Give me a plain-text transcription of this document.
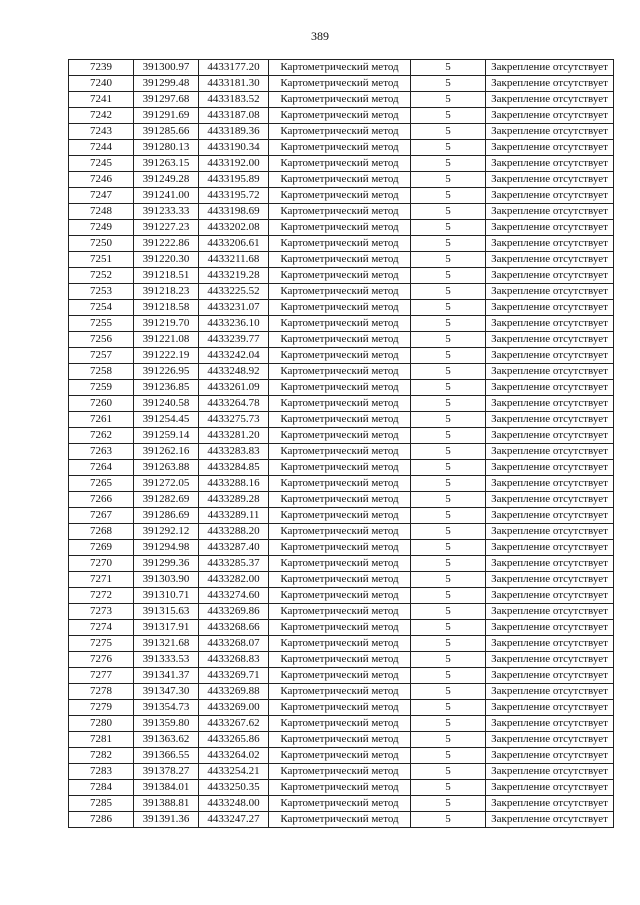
389
7239	391300.97	4433177.20	Картометрический метод	5	Закрепление отсутствует
7240	391299.48	4433181.30	Картометрический метод	5	Закрепление отсутствует
7241	391297.68	4433183.52	Картометрический метод	5	Закрепление отсутствует
7242	391291.69	4433187.08	Картометрический метод	5	Закрепление отсутствует
7243	391285.66	4433189.36	Картометрический метод	5	Закрепление отсутствует
7244	391280.13	4433190.34	Картометрический метод	5	Закрепление отсутствует
7245	391263.15	4433192.00	Картометрический метод	5	Закрепление отсутствует
7246	391249.28	4433195.89	Картометрический метод	5	Закрепление отсутствует
7247	391241.00	4433195.72	Картометрический метод	5	Закрепление отсутствует
7248	391233.33	4433198.69	Картометрический метод	5	Закрепление отсутствует
7249	391227.23	4433202.08	Картометрический метод	5	Закрепление отсутствует
7250	391222.86	4433206.61	Картометрический метод	5	Закрепление отсутствует
7251	391220.30	4433211.68	Картометрический метод	5	Закрепление отсутствует
7252	391218.51	4433219.28	Картометрический метод	5	Закрепление отсутствует
7253	391218.23	4433225.52	Картометрический метод	5	Закрепление отсутствует
7254	391218.58	4433231.07	Картометрический метод	5	Закрепление отсутствует
7255	391219.70	4433236.10	Картометрический метод	5	Закрепление отсутствует
7256	391221.08	4433239.77	Картометрический метод	5	Закрепление отсутствует
7257	391222.19	4433242.04	Картометрический метод	5	Закрепление отсутствует
7258	391226.95	4433248.92	Картометрический метод	5	Закрепление отсутствует
7259	391236.85	4433261.09	Картометрический метод	5	Закрепление отсутствует
7260	391240.58	4433264.78	Картометрический метод	5	Закрепление отсутствует
7261	391254.45	4433275.73	Картометрический метод	5	Закрепление отсутствует
7262	391259.14	4433281.20	Картометрический метод	5	Закрепление отсутствует
7263	391262.16	4433283.83	Картометрический метод	5	Закрепление отсутствует
7264	391263.88	4433284.85	Картометрический метод	5	Закрепление отсутствует
7265	391272.05	4433288.16	Картометрический метод	5	Закрепление отсутствует
7266	391282.69	4433289.28	Картометрический метод	5	Закрепление отсутствует
7267	391286.69	4433289.11	Картометрический метод	5	Закрепление отсутствует
7268	391292.12	4433288.20	Картометрический метод	5	Закрепление отсутствует
7269	391294.98	4433287.40	Картометрический метод	5	Закрепление отсутствует
7270	391299.36	4433285.37	Картометрический метод	5	Закрепление отсутствует
7271	391303.90	4433282.00	Картометрический метод	5	Закрепление отсутствует
7272	391310.71	4433274.60	Картометрический метод	5	Закрепление отсутствует
7273	391315.63	4433269.86	Картометрический метод	5	Закрепление отсутствует
7274	391317.91	4433268.66	Картометрический метод	5	Закрепление отсутствует
7275	391321.68	4433268.07	Картометрический метод	5	Закрепление отсутствует
7276	391333.53	4433268.83	Картометрический метод	5	Закрепление отсутствует
7277	391341.37	4433269.71	Картометрический метод	5	Закрепление отсутствует
7278	391347.30	4433269.88	Картометрический метод	5	Закрепление отсутствует
7279	391354.73	4433269.00	Картометрический метод	5	Закрепление отсутствует
7280	391359.80	4433267.62	Картометрический метод	5	Закрепление отсутствует
7281	391363.62	4433265.86	Картометрический метод	5	Закрепление отсутствует
7282	391366.55	4433264.02	Картометрический метод	5	Закрепление отсутствует
7283	391378.27	4433254.21	Картометрический метод	5	Закрепление отсутствует
7284	391384.01	4433250.35	Картометрический метод	5	Закрепление отсутствует
7285	391388.81	4433248.00	Картометрический метод	5	Закрепление отсутствует
7286	391391.36	4433247.27	Картометрический метод	5	Закрепление отсутствует
